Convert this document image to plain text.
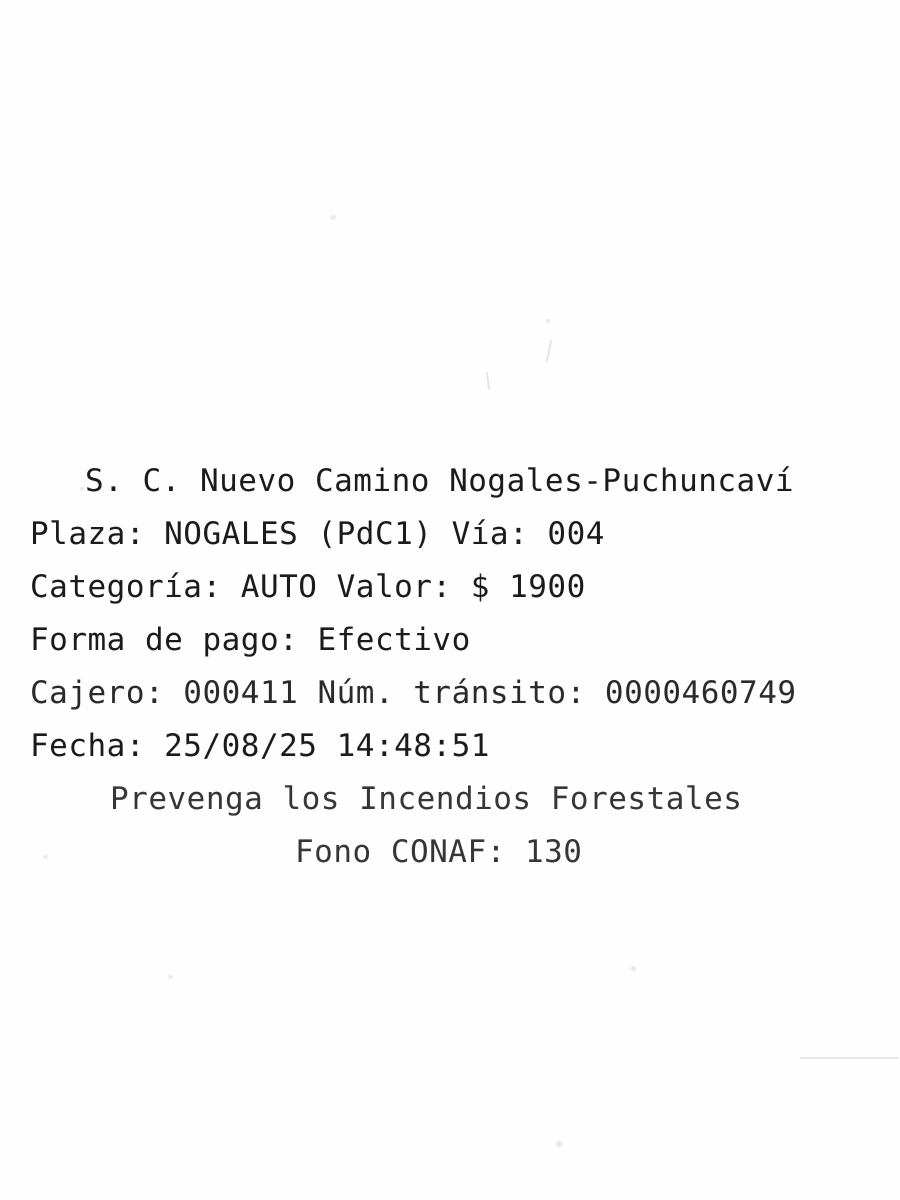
S. C. Nuevo Camino Nogales-Puchuncaví
Plaza: NOGALES (PdC1) Vía: 004
Categoría: AUTO Valor: $ 1900
Forma de pago: Efectivo
Cajero: 000411 Núm. tránsito: 0000460749
Fecha: 25/08/25 14:48:51
Prevenga los Incendios Forestales
Fono CONAF: 130
